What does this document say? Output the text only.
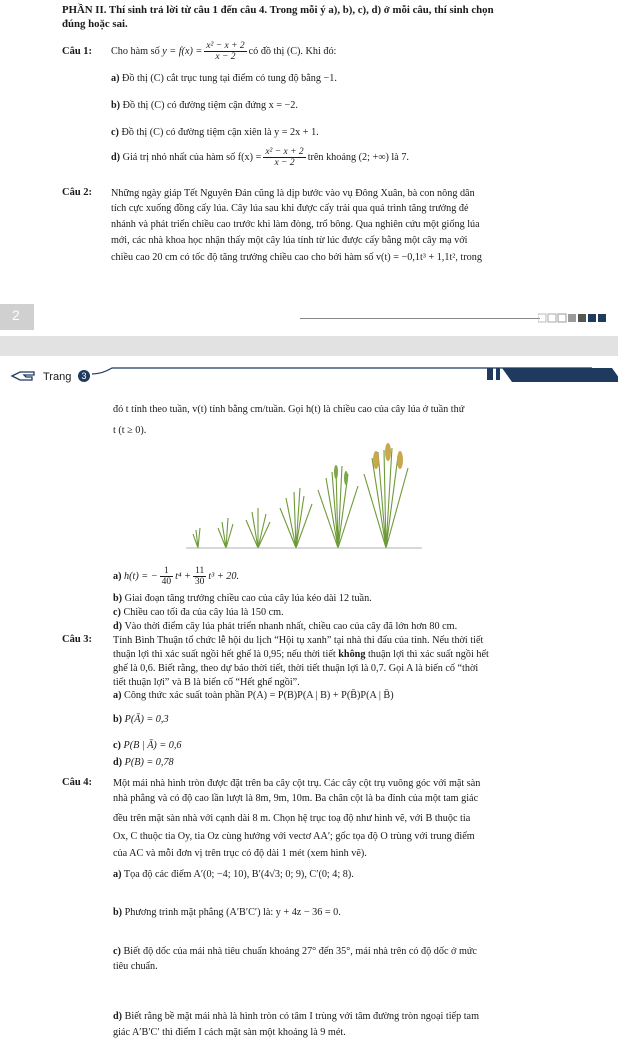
PHẦN II. Thí sinh trả lời từ câu 1 đến câu 4. Trong mỗi ý a), b), c), d) ở mỗi câu, thí sinh chọn
đúng hoặc sai.
Câu 1: Cho hàm số
$y = f(x) = \frac{\text{x² − x + 2}}{x - 2}$ có đồ thị (C). Khi đó:
a) Đồ thị (C) cắt trục tung tại điểm có tung độ bằng −1.
b) Đồ thị (C) có đường tiệm cận đứng x = −2.
c) Đồ thị (C) có đường tiệm cận xiên là y = 2x + 1.
d)
Giá trị nhỏ nhất của hàm số $f(x) = \frac{\text{x² − x + 2}}{x - 2}$ trên khoảng (2; +∞) là 7.
Câu 2: Những ngày giáp Tết Nguyên Đán cũng là dịp bước vào vụ Đông Xuân, bà con nông dân
tích cực xuống đồng cấy lúa. Cây lúa sau khi được cấy trải qua quá trình tăng trưởng đẻ
nhánh và phát triển chiều cao trước khi làm đòng, trổ bông. Qua nghiên cứu một giống lúa
mới, các nhà khoa học nhận thấy một cây lúa tính từ lúc được cấy bằng một cây mạ với
chiều cao 20 cm có tốc độ tăng trưởng chiều cao cho bởi hàm số v(t) = −0,1t³ + 1,1t², trong
2
Trang	3
đó t tính theo tuần, v(t) tính bằng cm/tuần. Gọi h(t) là chiều cao của cây lúa ở tuần thứ
t (t ≥ 0).
a)
h(t) = − $\frac{1}{40} t^4 + \frac{11}{30} t^3 + 20$.
b) Giai đoạn tăng trưởng chiều cao của cây lúa kéo dài 12 tuần.
c) Chiều cao tối đa của cây lúa là 150 cm.
d) Vào thời điểm cây lúa phát triển nhanh nhất, chiều cao của cây đã lớn hơn 80 cm.
Câu 3: Tỉnh Bình Thuận tổ chức lễ hội du lịch “Hội tụ xanh” tại nhà thi đấu của tỉnh. Nếu thời tiết
thuận lợi thì xác suất ngồi hết ghế là 0,95; nếu thời tiết không thuận lợi thì xác suất ngồi hết
ghế là 0,6. Biết rằng, theo dự báo thời tiết, thời tiết thuận lợi là 0,7. Gọi A là biến cố “thời
tiết thuận lợi” và B là biến cố “Hết ghế ngồi”.
a) Công thức xác suất toàn phần P(A) = P(B)P(A | B) + P(B̄)P(A | B̄)
b) P(Ā) = 0,3
c) P(B | Ā) = 0,6
d) P(B) = 0,78
Câu 4: Một mái nhà hình tròn được đặt trên ba cây cột trụ. Các cây cột trụ vuông góc với mặt sàn
nhà phẳng và có độ cao lần lượt là 8m, 9m, 10m. Ba chân cột là ba đỉnh của một tam giác
đều trên mặt sàn nhà với cạnh dài 8 m. Chọn hệ trục toạ độ như hình vẽ, với B thuộc tia
Ox, C thuộc tia Oy, tia Oz cùng hướng với vectơ AA′; gốc tọa độ O trùng với trung điểm
của AC và mỗi đơn vị trên trục có độ dài 1 mét (xem hình vẽ).
a) Tọa độ các điểm A′(0; −4; 10), B′(4√3; 0; 9), C′(0; 4; 8).
b) Phương trình mặt phẳng (A′B′C′) là: y + 4z − 36 = 0.
c) Biết độ dốc của mái nhà tiêu chuẩn khoảng 27° đến 35°, mái nhà trên có độ dốc ở mức
tiêu chuẩn.
d) Biết rằng bề mặt mái nhà là hình tròn có tâm I trùng với tâm đường tròn ngoại tiếp tam
giác A′B′C′ thì điểm I cách mặt sàn một khoảng là 9 mét.
